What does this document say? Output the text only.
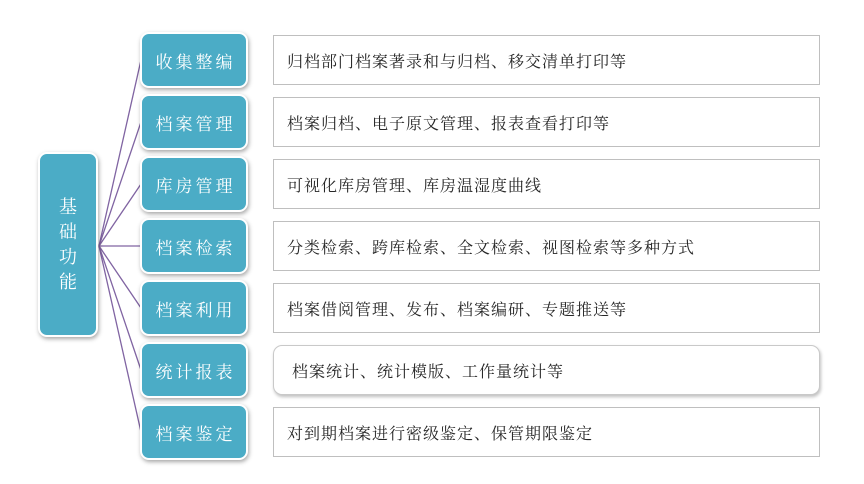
基础功能
收集整编	归档部门档案著录和与归档、移交清单打印等
档案管理	档案归档、电子原文管理、报表查看打印等
库房管理	可视化库房管理、库房温湿度曲线
档案检索	分类检索、跨库检索、全文检索、视图检索等多种方式
档案利用	档案借阅管理、发布、档案编研、专题推送等
统计报表	档案统计、统计模版、工作量统计等
档案鉴定	对到期档案进行密级鉴定、保管期限鉴定
